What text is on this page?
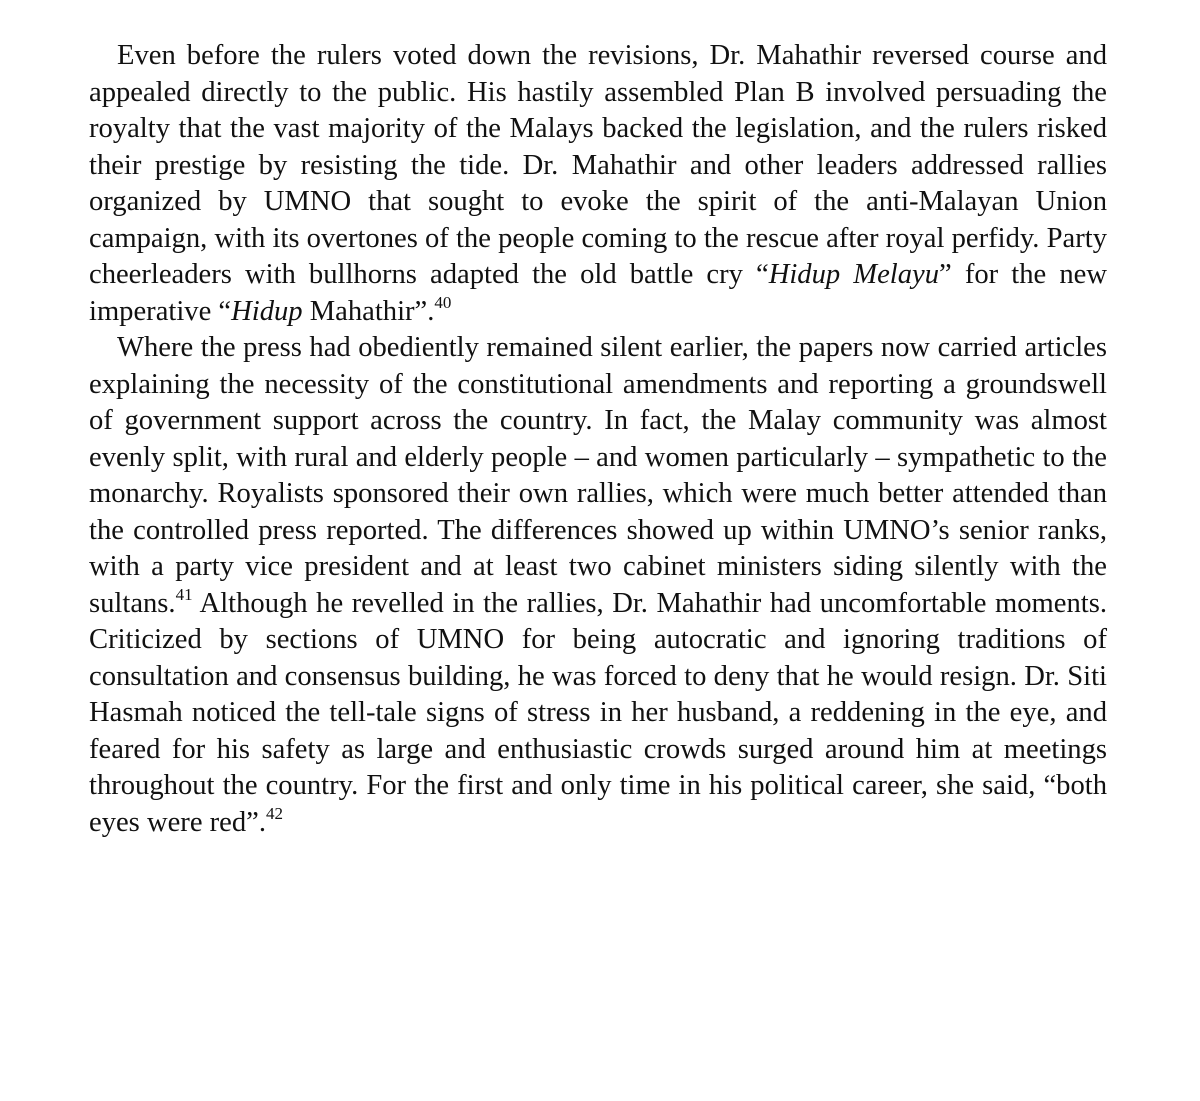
Even before the rulers voted down the revisions, Dr. Mahathir reversed course and appealed directly to the public. His hastily assembled Plan B involved persuading the royalty that the vast majority of the Malays backed the legislation, and the rulers risked their prestige by resisting the tide. Dr. Mahathir and other leaders addressed rallies organized by UMNO that sought to evoke the spirit of the anti-Malayan Union campaign, with its overtones of the people coming to the rescue after royal perfidy. Party cheerleaders with bullhorns adapted the old battle cry “Hidup Melayu” for the new imperative “Hidup Mahathir”.$^{40}$

Where the press had obediently remained silent earlier, the papers now carried articles explaining the necessity of the constitutional amendments and reporting a groundswell of government support across the country. In fact, the Malay community was almost evenly split, with rural and elderly people – and women particularly – sympathetic to the monarchy. Royalists sponsored their own rallies, which were much better attended than the controlled press reported. The differences showed up within UMNO’s senior ranks, with a party vice president and at least two cabinet ministers siding silently with the sultans.$^{41}$ Although he revelled in the rallies, Dr. Mahathir had uncomfortable moments. Criticized by sections of UMNO for being autocratic and ignoring traditions of consultation and consensus building, he was forced to deny that he would resign. Dr. Siti Hasmah noticed the tell-tale signs of stress in her husband, a reddening in the eye, and feared for his safety as large and enthusiastic crowds surged around him at meetings throughout the country. For the first and only time in his political career, she said, “both eyes were red”.$^{42}$
